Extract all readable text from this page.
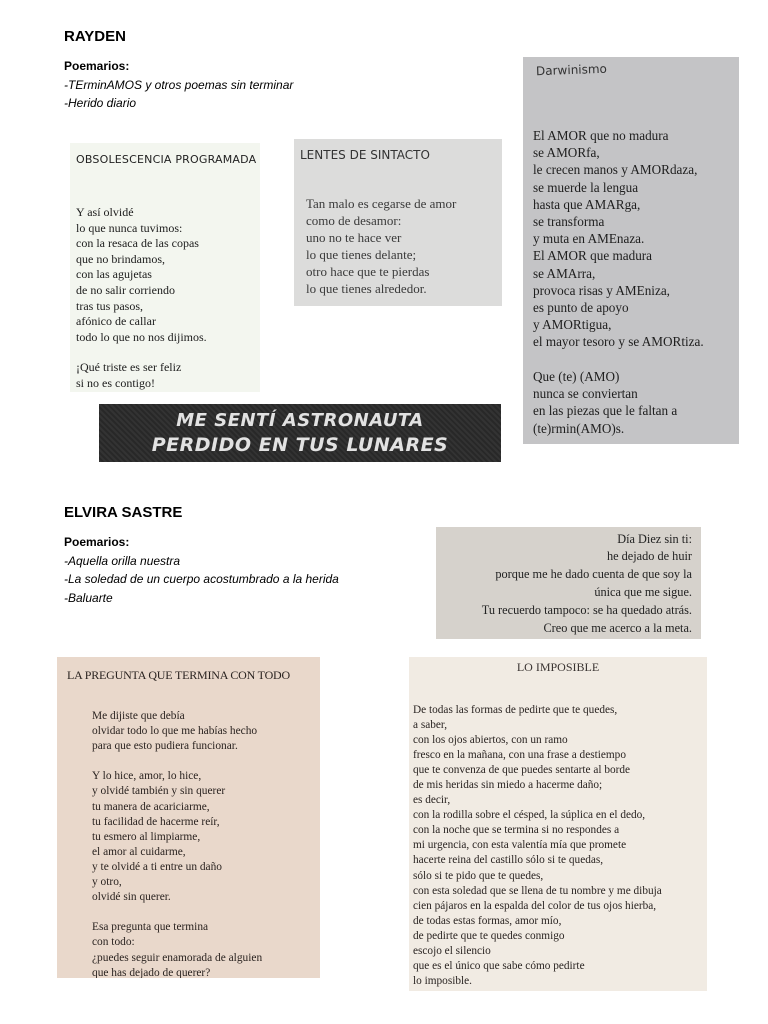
RAYDEN
Poemarios:
-TErminAMOS y otros poemas sin terminar
-Herido diario
OBSOLESCENCIA PROGRAMADA
Y así olvidé
lo que nunca tuvimos:
con la resaca de las copas
que no brindamos,
con las agujetas
de no salir corriendo
tras tus pasos,
afónico de callar
todo lo que no nos dijimos.
¡Qué triste es ser feliz
si no es contigo!
LENTES DE SINTACTO
Tan malo es cegarse de amor
como de desamor:
uno no te hace ver
lo que tienes delante;
otro hace que te pierdas
lo que tienes alrededor.
Darwinismo
El AMOR que no madura
se AMORfa,
le crecen manos y AMORdaza,
se muerde la lengua
hasta que AMARga,
se transforma
y muta en AMEnaza.
El AMOR que madura
se AMArra,
provoca risas y AMEniza,
es punto de apoyo
y AMORtigua,
el mayor tesoro y se AMORtiza.
Que (te) (AMO)
nunca se conviertan
en las piezas que le faltan a
(te)rmin(AMO)s.
ME SENTÍ ASTRONAUTA
PERDIDO EN TUS LUNARES
ELVIRA SASTRE
Poemarios:
-Aquella orilla nuestra
-La soledad de un cuerpo acostumbrado a la herida
-Baluarte
Día Diez sin ti:
he dejado de huir
porque me he dado cuenta de que soy la
única que me sigue.
Tu recuerdo tampoco: se ha quedado atrás.
Creo que me acerco a la meta.
LA PREGUNTA QUE TERMINA CON TODO
Me dijiste que debía
olvidar todo lo que me habías hecho
para que esto pudiera funcionar.

Y lo hice, amor, lo hice,
y olvidé también y sin querer
tu manera de acariciarme,
tu facilidad de hacerme reír,
tu esmero al limpiarme,
el amor al cuidarme,
y te olvidé a ti entre un daño
y otro,
olvidé sin querer.

Esa pregunta que termina
con todo:
¿puedes seguir enamorada de alguien
que has dejado de querer?
LO IMPOSIBLE
De todas las formas de pedirte que te quedes,
a saber,
con los ojos abiertos, con un ramo
fresco en la mañana, con una frase a destiempo
que te convenza de que puedes sentarte al borde
de mis heridas sin miedo a hacerme daño;
es decir,
con la rodilla sobre el césped, la súplica en el dedo,
con la noche que se termina si no respondes a
mi urgencia, con esta valentía mía que promete
hacerte reina del castillo sólo si te quedas,
sólo si te pido que te quedes,
con esta soledad que se llena de tu nombre y me dibuja
cien pájaros en la espalda del color de tus ojos hierba,
de todas estas formas, amor mío,
de pedirte que te quedes conmigo
escojo el silencio
que es el único que sabe cómo pedirte
lo imposible.
